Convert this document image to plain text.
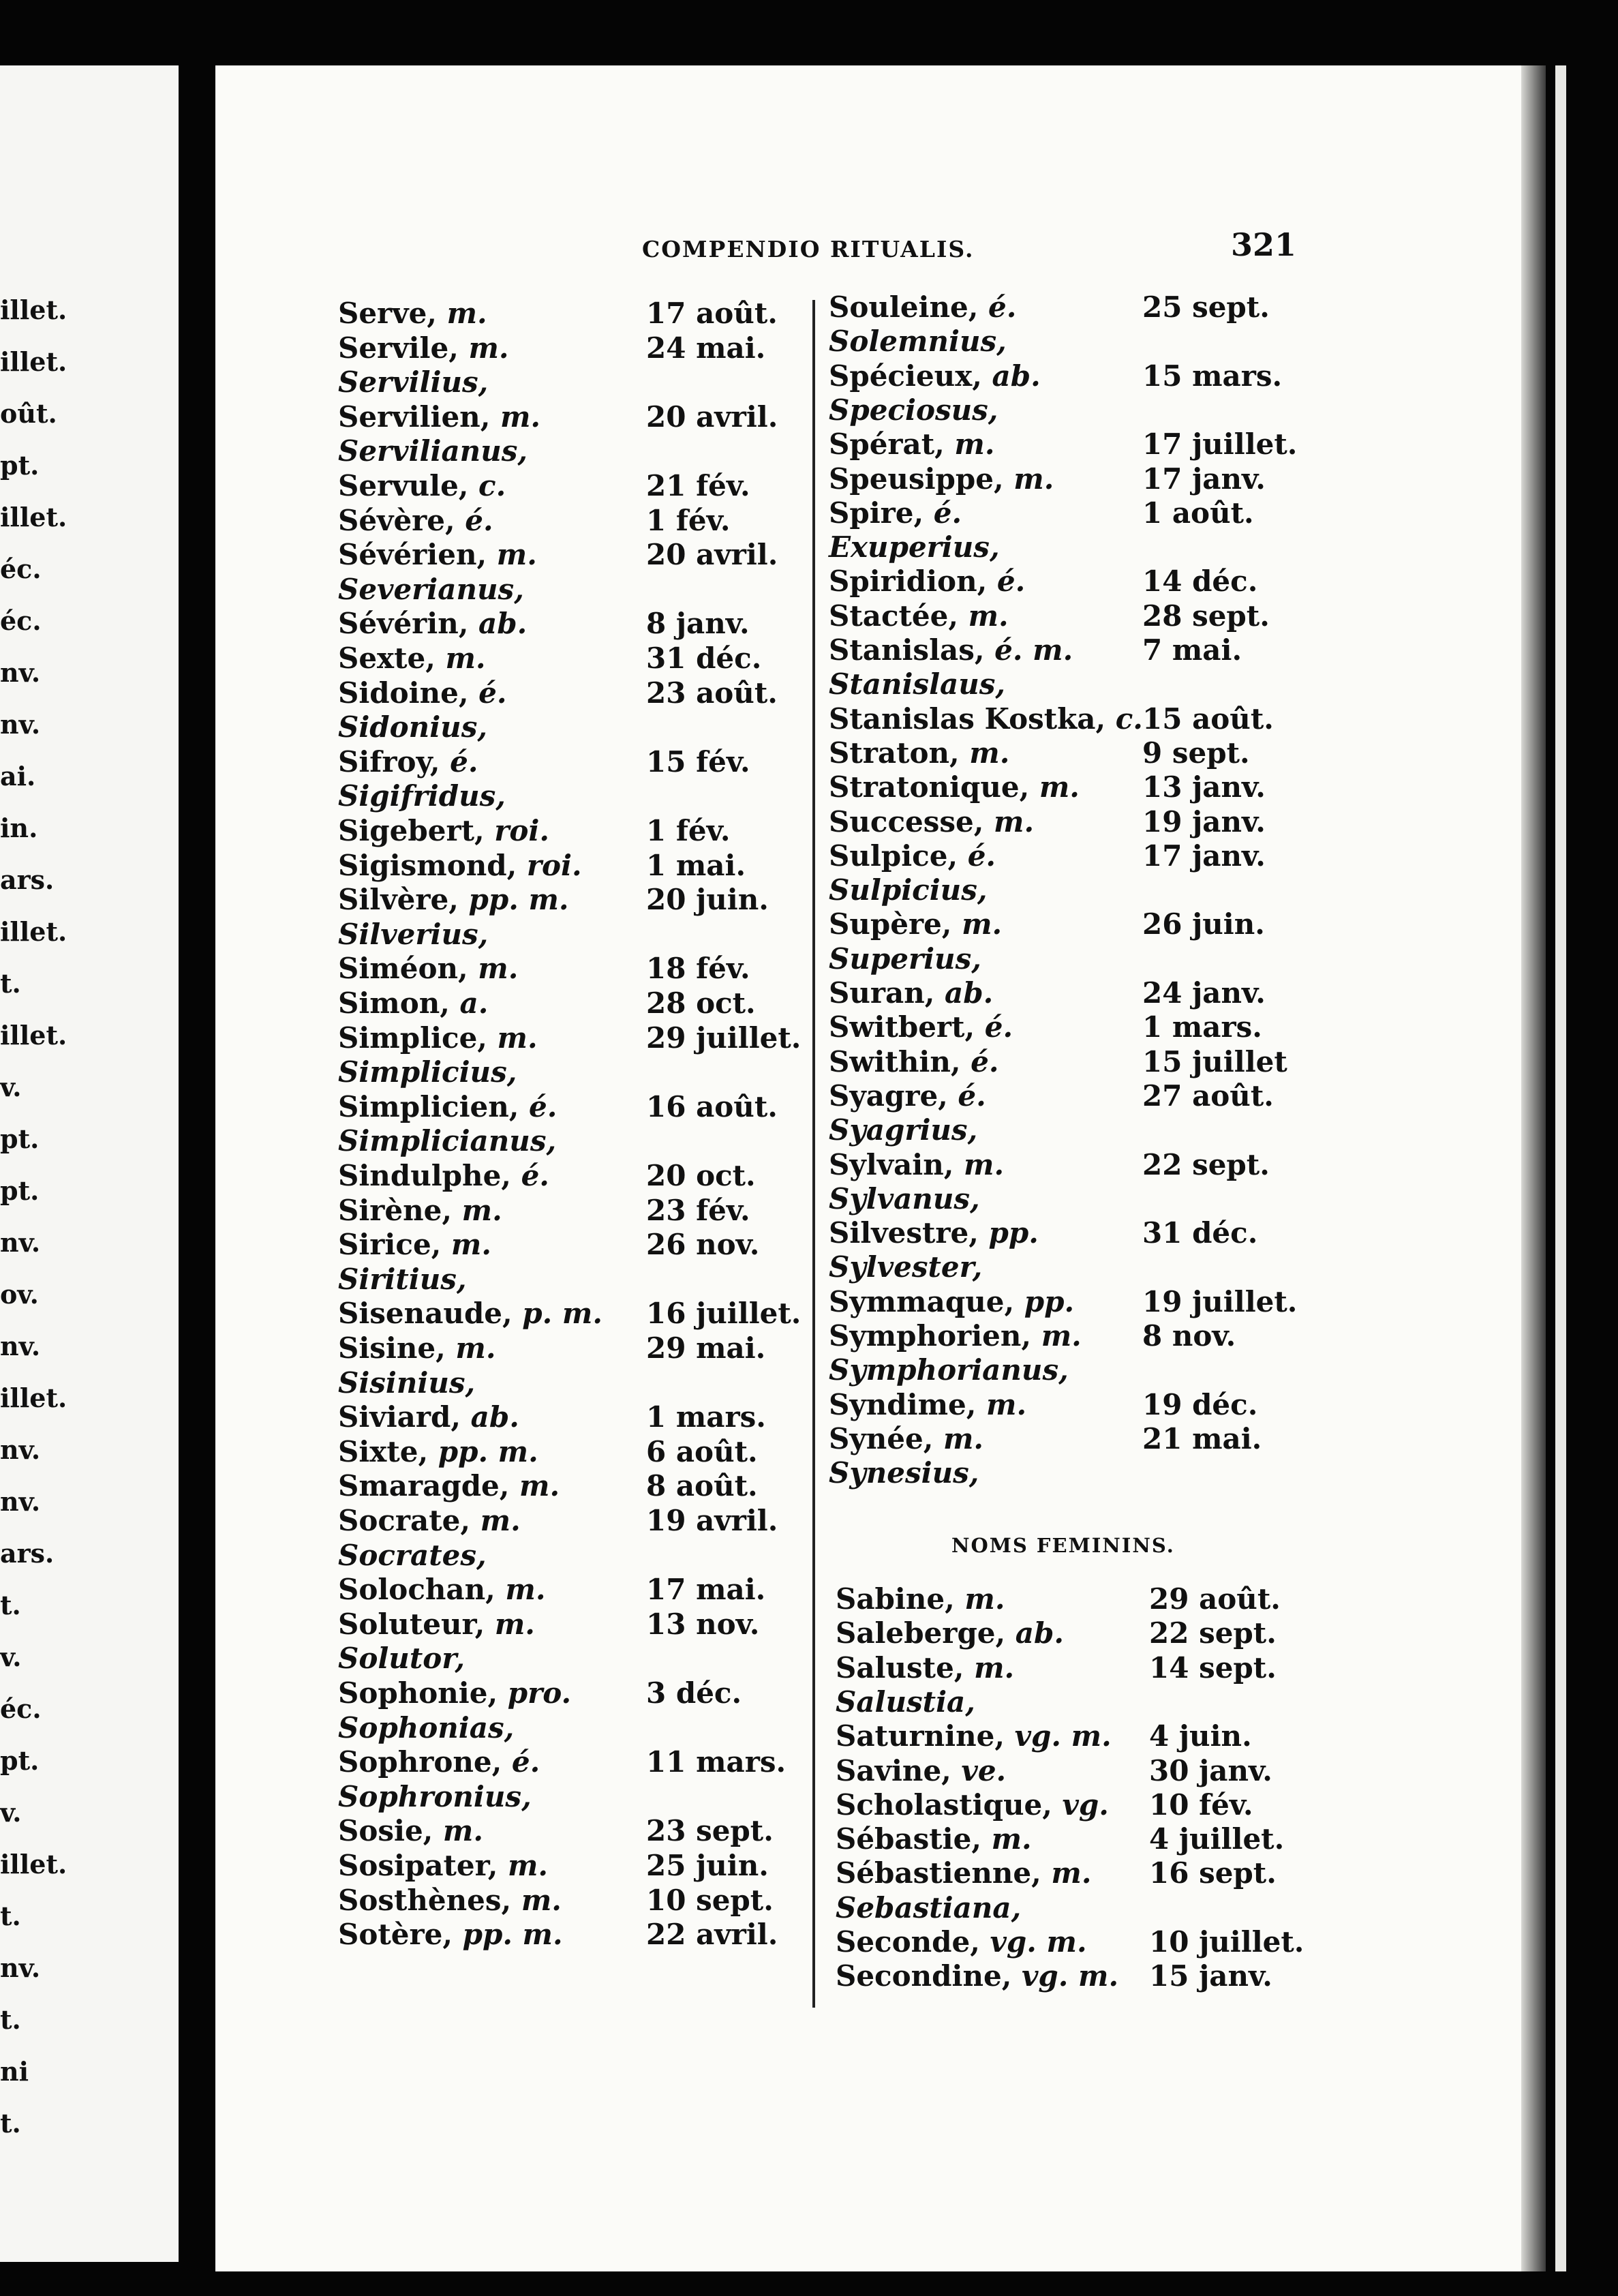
illet.
illet.
oût.
pt.
illet.
éc.
éc.
nv.
nv.
ai.
in.
ars.
illet.
t.
illet.
v.
pt.
pt.
nv.
ov.
nv.
illet.
nv.
nv.
ars.
t.
v.
éc.
pt.
v.
illet.
t.
nv.
t.
ni
t.
COMPENDIO RITUALIS.	321
NOMS FEMININS.
Serve, m.	17 août.
Servile, m.	24 mai.
Servilius,
Servilien, m.	20 avril.
Servilianus,
Servule, c.	21 fév.
Sévère, é.	1 fév.
Sévérien, m.	20 avril.
Severianus,
Sévérin, ab.	8 janv.
Sexte, m.	31 déc.
Sidoine, é.	23 août.
Sidonius,
Sifroy, é.	15 fév.
Sigifridus,
Sigebert, roi.	1 fév.
Sigismond, roi. 1 mai.
Silvère, pp. m.	20 juin.
Silverius,
Siméon, m.	18 fév.
Simon, a.	28 oct.
Simplice, m.	29 juillet.
Simplicius,
Simplicien, é.	16 août.
Simplicianus,
Sindulphe, é.	20 oct.
Sirène, m.	23 fév.
Sirice, m.	26 nov.
Siritius,
Sisenaude, p. m. 16 juillet.
Sisine, m.	29 mai.
Sisinius,
Siviard, ab.	1 mars.
Sixte, pp. m.	6 août.
Smaragde, m.	8 août.
Socrate, m.	19 avril.
Socrates,
Solochan, m.	17 mai.
Soluteur, m.	13 nov.
Solutor,
Sophonie, pro.	3 déc.
Sophonias,
Sophrone, é.	11 mars.
Sophronius,
Sosie, m.	23 sept.
Sosipater, m.	25 juin.
Sosthènes, m.	10 sept.
Sotère, pp. m.	22 avril.
Souleine, é.	25 sept.
Solemnius,
Spécieux, ab.	15 mars.
Speciosus,
Spérat, m.	17 juillet.
Speusippe, m.	17 janv.
Spire, é.	1 août.
Exuperius,
Spiridion, é.	14 déc.
Stactée, m.	28 sept.
Stanislas, é. m. 7 mai.
Stanislaus,
Stanislas Kostka, c. 15 août.
Straton, m.	9 sept.
Stratonique, m. 13 janv.
Successe, m.	19 janv.
Sulpice, é.	17 janv.
Sulpicius,
Supère, m.	26 juin.
Superius,
Suran, ab.	24 janv.
Switbert, é.	1 mars.
Swithin, é.	15 juillet
Syagre, é.	27 août.
Syagrius,
Sylvain, m.	22 sept.
Sylvanus,
Silvestre, pp.	31 déc.
Sylvester,
Symmaque, pp. 19 juillet.
Symphorien, m. 8 nov.
Symphorianus,
Syndime, m.	19 déc.
Synée, m.	21 mai.
Synesius,
Sabine, m.	29 août.
Saleberge, ab.	22 sept.
Saluste, m.	14 sept.
Salustia,
Saturnine, vg. m. 4 juin.
Savine, ve.	30 janv.
Scholastique, vg. 10 fév.
Sébastie, m.	4 juillet.
Sébastienne, m. 16 sept.
Sebastiana,
Seconde, vg. m. 10 juillet.
Secondine, vg. m. 15 janv.
